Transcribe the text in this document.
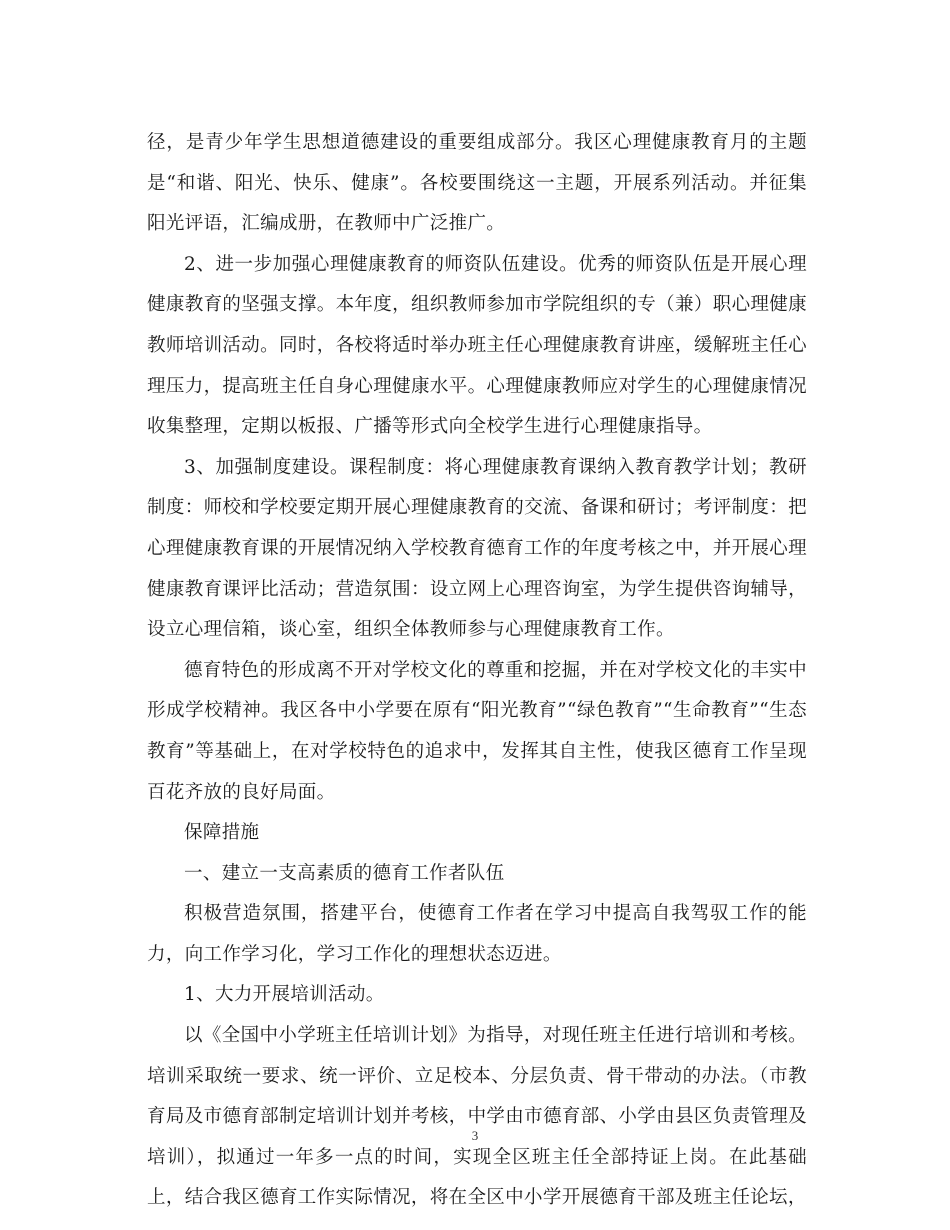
径，是青少年学生思想道德建设的重要组成部分。我区心理健康教育月的主题是“和谐、阳光、快乐、健康”。各校要围绕这一主题，开展系列活动。并征集阳光评语，汇编成册，在教师中广泛推广。

2、进一步加强心理健康教育的师资队伍建设。优秀的师资队伍是开展心理健康教育的坚强支撑。本年度，组织教师参加市学院组织的专（兼）职心理健康教师培训活动。同时，各校将适时举办班主任心理健康教育讲座，缓解班主任心理压力，提高班主任自身心理健康水平。心理健康教师应对学生的心理健康情况收集整理，定期以板报、广播等形式向全校学生进行心理健康指导。

3、加强制度建设。课程制度：将心理健康教育课纳入教育教学计划；教研制度：师校和学校要定期开展心理健康教育的交流、备课和研讨；考评制度：把心理健康教育课的开展情况纳入学校教育德育工作的年度考核之中，并开展心理健康教育课评比活动；营造氛围：设立网上心理咨询室，为学生提供咨询辅导，设立心理信箱，谈心室，组织全体教师参与心理健康教育工作。

德育特色的形成离不开对学校文化的尊重和挖掘，并在对学校文化的丰实中形成学校精神。我区各中小学要在原有“阳光教育”“绿色教育”“生命教育”“生态教育”等基础上，在对学校特色的追求中，发挥其自主性，使我区德育工作呈现百花齐放的良好局面。

保障措施

一、建立一支高素质的德育工作者队伍

积极营造氛围，搭建平台，使德育工作者在学习中提高自我驾驭工作的能力，向工作学习化，学习工作化的理想状态迈进。

1、大力开展培训活动。

以《全国中小学班主任培训计划》为指导，对现任班主任进行培训和考核。培训采取统一要求、统一评价、立足校本、分层负责、骨干带动的办法。（市教育局及市德育部制定培训计划并考核，中学由市德育部、小学由县区负责管理及培训），拟通过一年多一点的时间，实现全区班主任全部持证上岗。在此基础上，结合我区德育工作实际情况，将在全区中小学开展德育干部及班主任论坛，

3
